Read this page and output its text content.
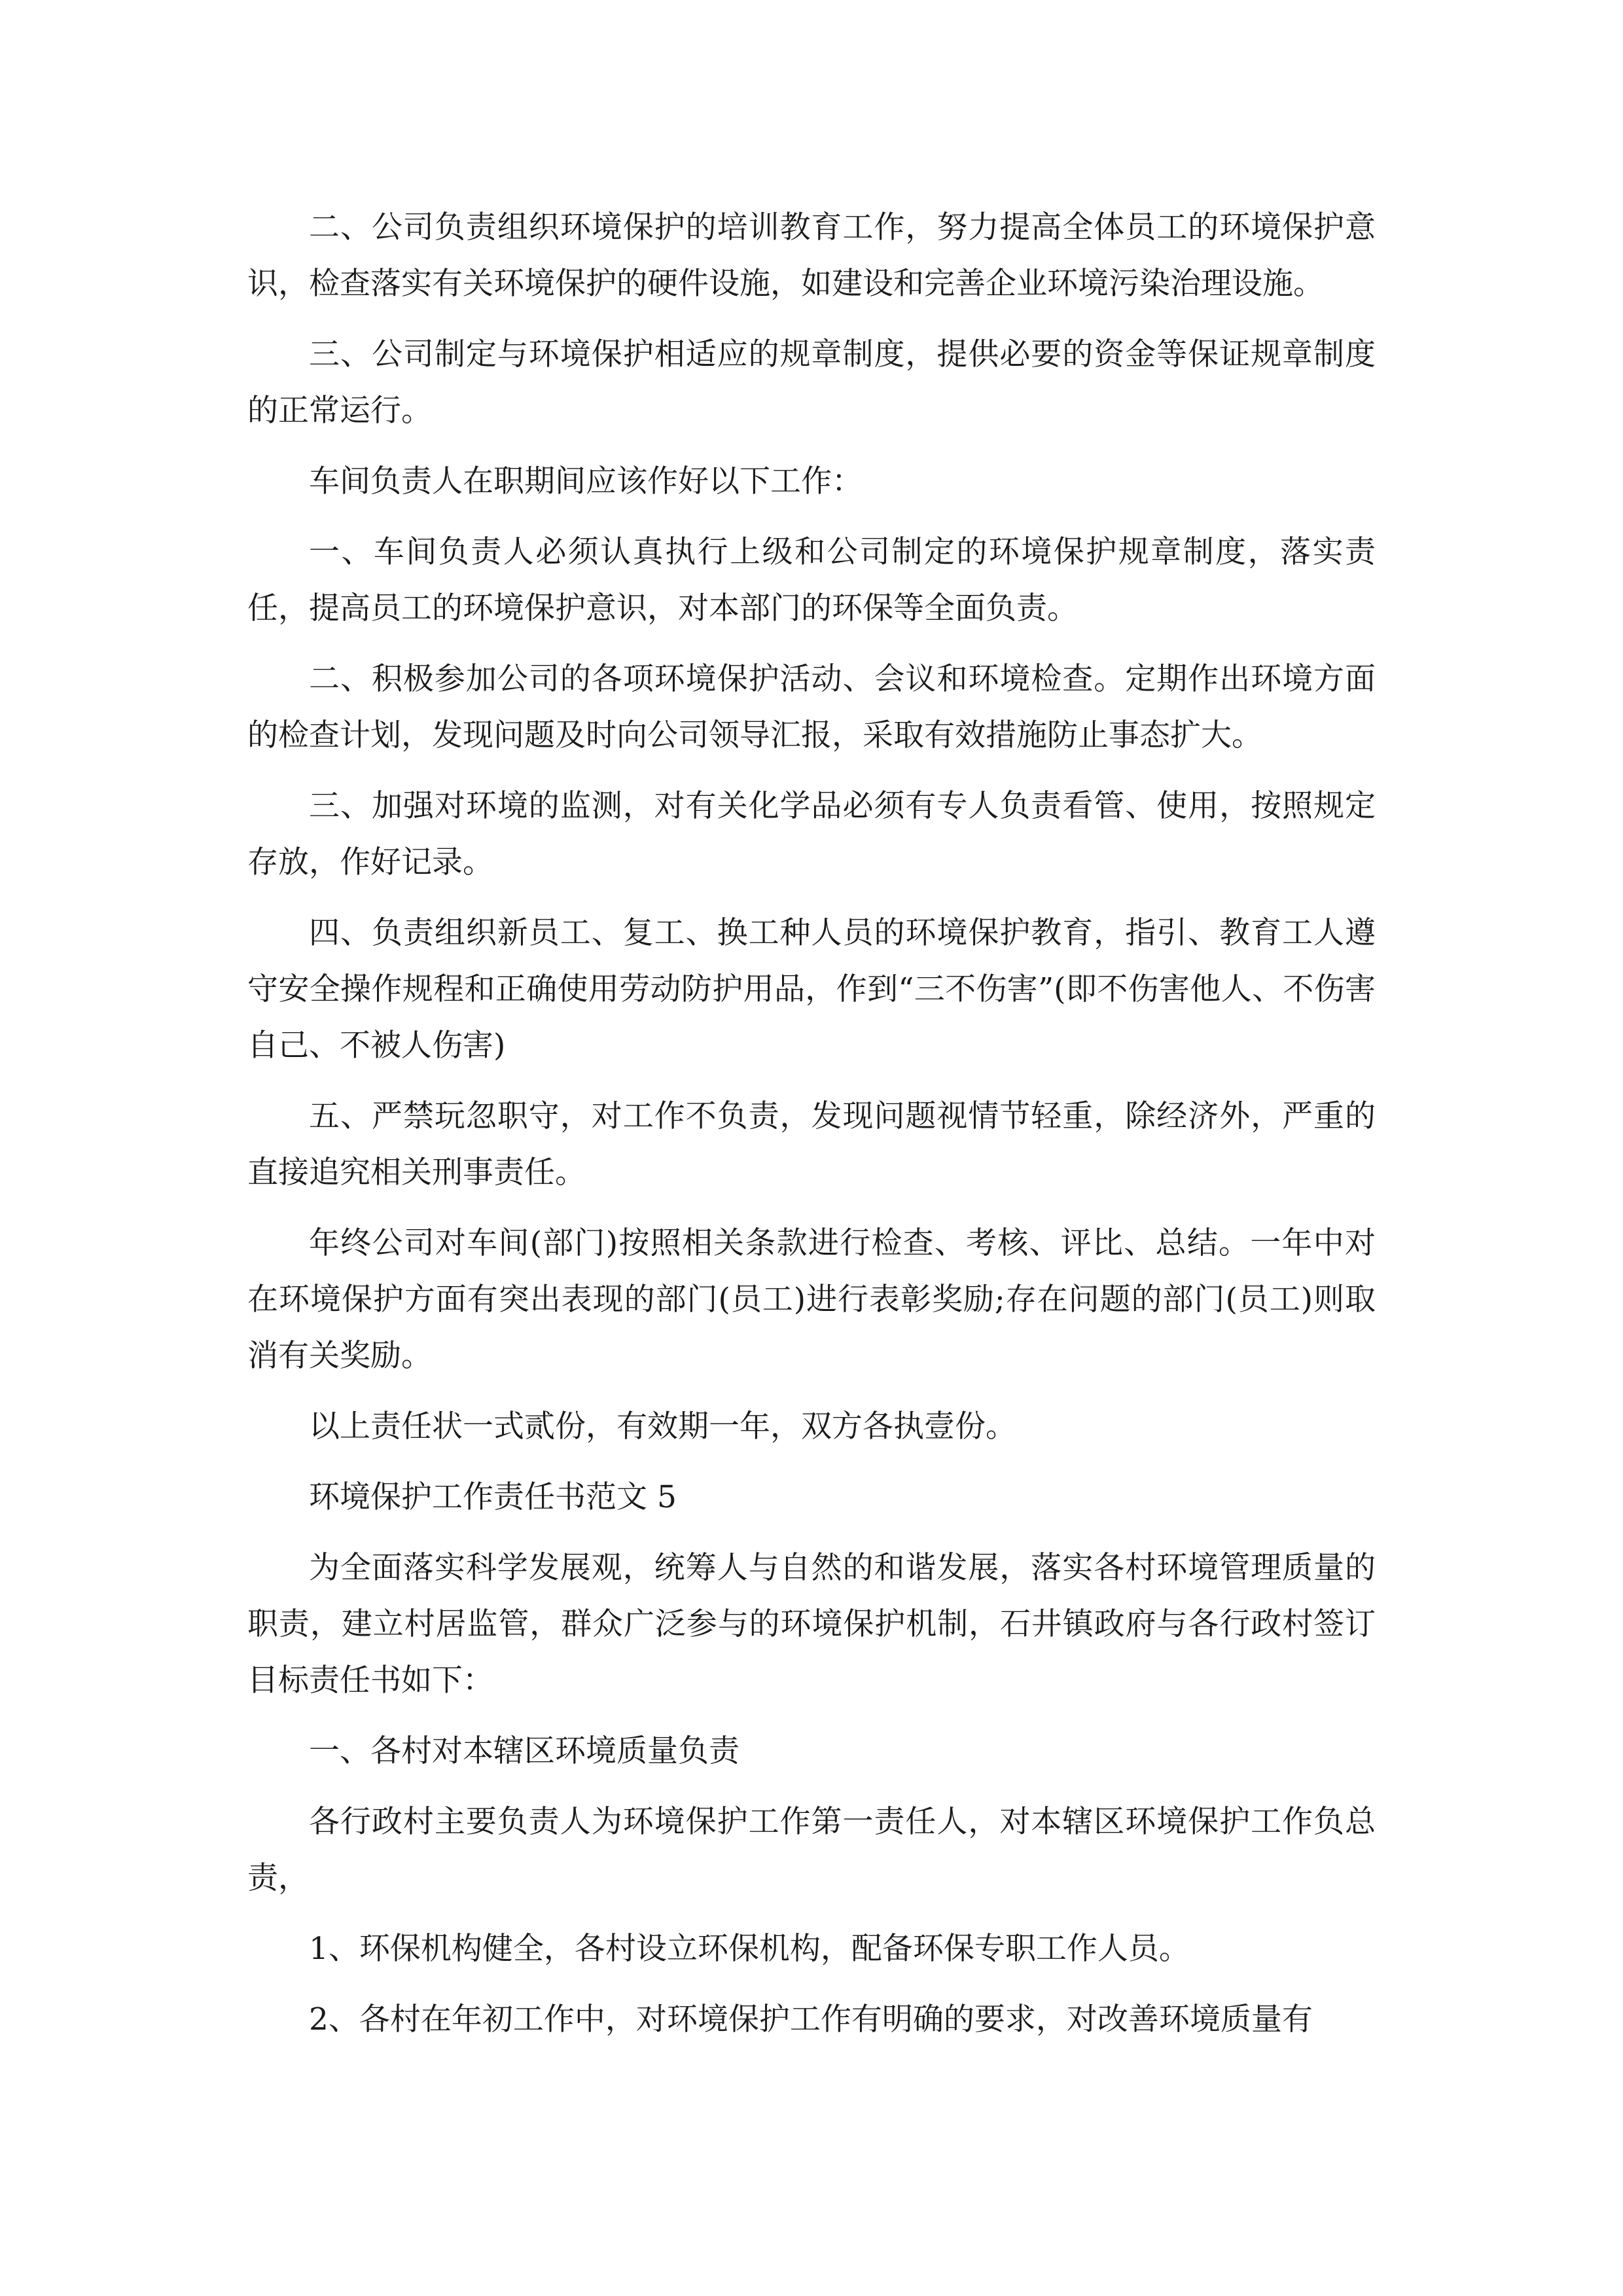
二、公司负责组织环境保护的培训教育工作，努力提高全体员工的环境保护意识，检查落实有关环境保护的硬件设施，如建设和完善企业环境污染治理设施。

三、公司制定与环境保护相适应的规章制度，提供必要的资金等保证规章制度的正常运行。

车间负责人在职期间应该作好以下工作：

一、车间负责人必须认真执行上级和公司制定的环境保护规章制度，落实责任，提高员工的环境保护意识，对本部门的环保等全面负责。

二、积极参加公司的各项环境保护活动、会议和环境检查。定期作出环境方面的检查计划，发现问题及时向公司领导汇报，采取有效措施防止事态扩大。

三、加强对环境的监测，对有关化学品必须有专人负责看管、使用，按照规定存放，作好记录。

四、负责组织新员工、复工、换工种人员的环境保护教育，指引、教育工人遵守安全操作规程和正确使用劳动防护用品，作到“三不伤害”(即不伤害他人、不伤害自己、不被人伤害)

五、严禁玩忽职守，对工作不负责，发现问题视情节轻重，除经济外，严重的直接追究相关刑事责任。

年终公司对车间(部门)按照相关条款进行检查、考核、评比、总结。一年中对在环境保护方面有突出表现的部门(员工)进行表彰奖励;存在问题的部门(员工)则取消有关奖励。

以上责任状一式贰份，有效期一年，双方各执壹份。

环境保护工作责任书范文 5

为全面落实科学发展观，统筹人与自然的和谐发展，落实各村环境管理质量的职责，建立村居监管，群众广泛参与的环境保护机制，石井镇政府与各行政村签订目标责任书如下：

一、各村对本辖区环境质量负责

各行政村主要负责人为环境保护工作第一责任人，对本辖区环境保护工作负总责，

1、环保机构健全，各村设立环保机构，配备环保专职工作人员。

2、各村在年初工作中，对环境保护工作有明确的要求，对改善环境质量有
